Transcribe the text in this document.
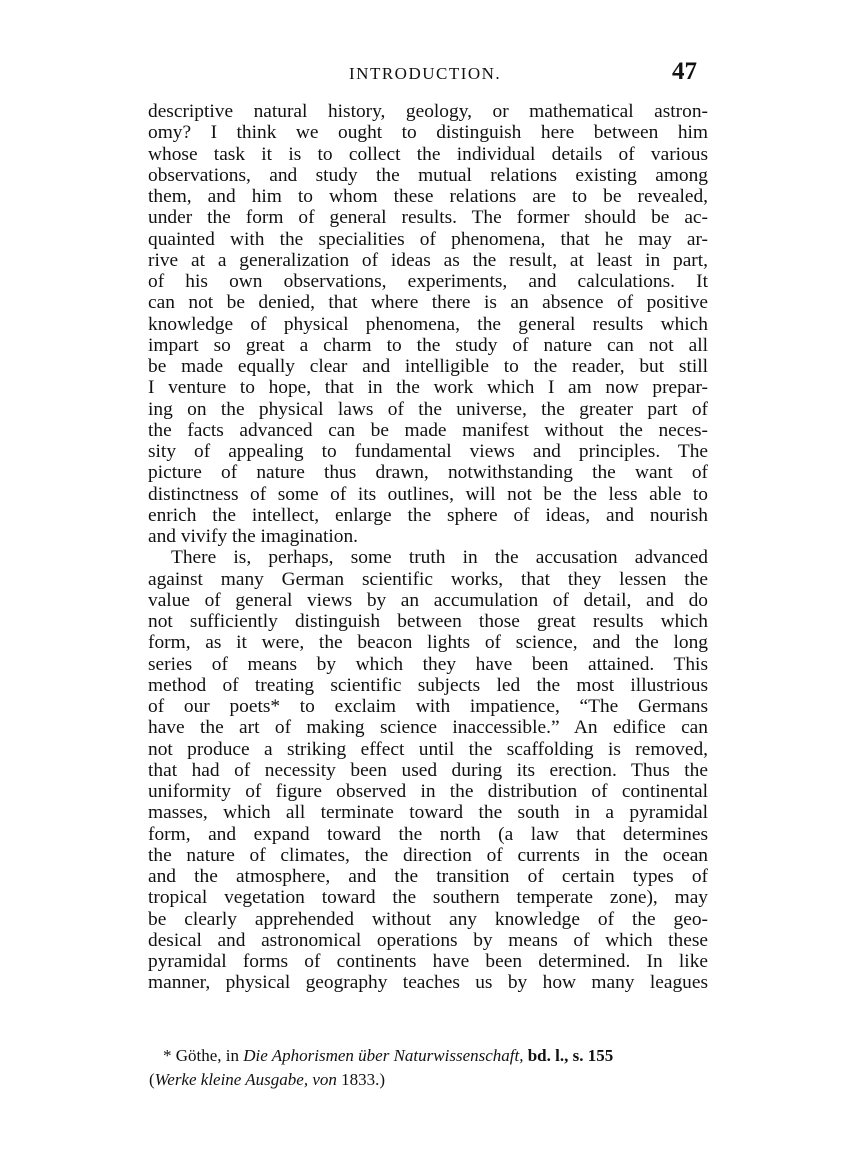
INTRODUCTION.	47
descriptive natural history, geology, or mathematical astron-
omy? I think we ought to distinguish here between him
whose task it is to collect the individual details of various
observations, and study the mutual relations existing among
them, and him to whom these relations are to be revealed,
under the form of general results. The former should be ac-
quainted with the specialities of phenomena, that he may ar-
rive at a generalization of ideas as the result, at least in part,
of his own observations, experiments, and calculations. It
can not be denied, that where there is an absence of positive
knowledge of physical phenomena, the general results which
impart so great a charm to the study of nature can not all
be made equally clear and intelligible to the reader, but still
I venture to hope, that in the work which I am now prepar-
ing on the physical laws of the universe, the greater part of
the facts advanced can be made manifest without the neces-
sity of appealing to fundamental views and principles. The
picture of nature thus drawn, notwithstanding the want of
distinctness of some of its outlines, will not be the less able to
enrich the intellect, enlarge the sphere of ideas, and nourish
and vivify the imagination.
There is, perhaps, some truth in the accusation advanced
against many German scientific works, that they lessen the
value of general views by an accumulation of detail, and do
not sufficiently distinguish between those great results which
form, as it were, the beacon lights of science, and the long
series of means by which they have been attained. This
method of treating scientific subjects led the most illustrious
of our poets* to exclaim with impatience, “The Germans
have the art of making science inaccessible.” An edifice can
not produce a striking effect until the scaffolding is removed,
that had of necessity been used during its erection. Thus the
uniformity of figure observed in the distribution of continental
masses, which all terminate toward the south in a pyramidal
form, and expand toward the north (a law that determines
the nature of climates, the direction of currents in the ocean
and the atmosphere, and the transition of certain types of
tropical vegetation toward the southern temperate zone), may
be clearly apprehended without any knowledge of the geo-
desical and astronomical operations by means of which these
pyramidal forms of continents have been determined. In like
manner, physical geography teaches us by how many leagues
* Göthe, in Die Aphorismen über Naturwissenschaft, bd. l., s. 155
(Werke kleine Ausgabe, von 1833.)
